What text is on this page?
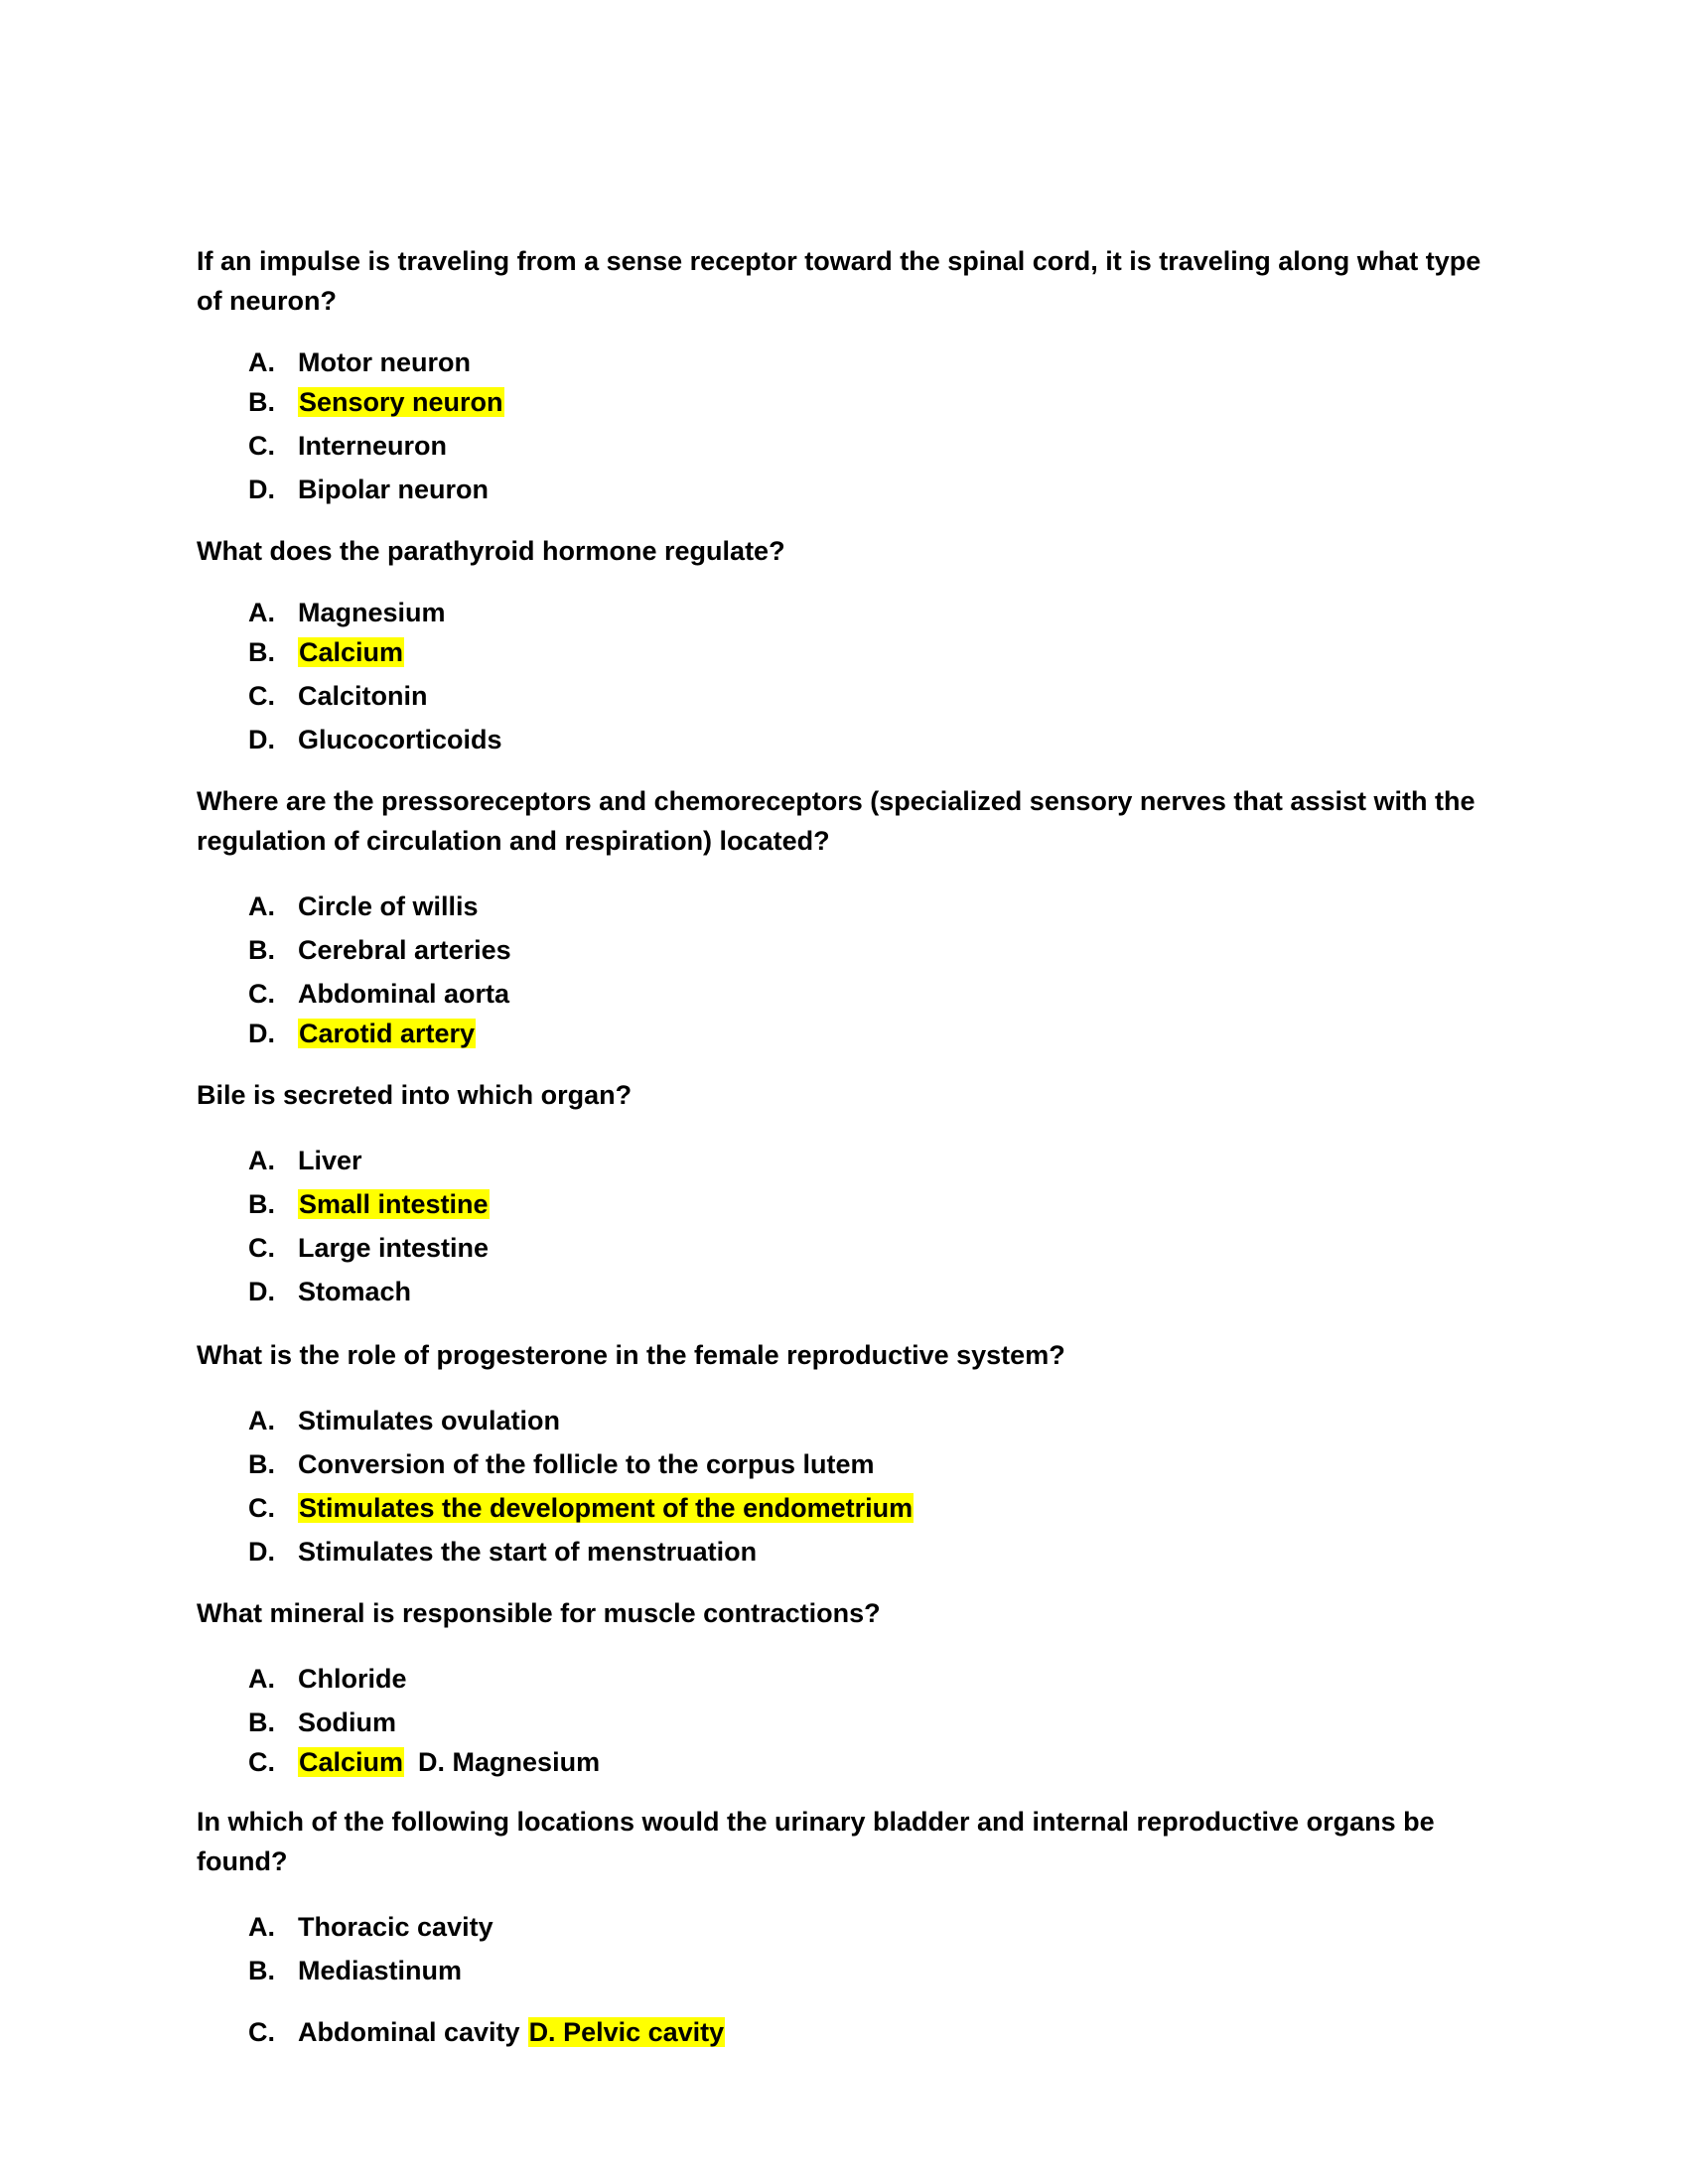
If an impulse is traveling from a sense receptor toward the spinal cord, it is traveling along what type
of neuron?
A. Motor neuron
B. Sensory neuron
C. Interneuron
D. Bipolar neuron
What does the parathyroid hormone regulate?
A. Magnesium
B. Calcium
C. Calcitonin
D. Glucocorticoids
Where are the pressoreceptors and chemoreceptors (specialized sensory nerves that assist with the
regulation of circulation and respiration) located?
A. Circle of willis
B. Cerebral arteries
C. Abdominal aorta
D. Carotid artery
Bile is secreted into which organ?
A. Liver
B. Small intestine
C. Large intestine
D. Stomach
What is the role of progesterone in the female reproductive system?
A. Stimulates ovulation
B. Conversion of the follicle to the corpus lutem
C. Stimulates the development of the endometrium
D. Stimulates the start of menstruation
What mineral is responsible for muscle contractions?
A. Chloride
B. Sodium
C. Calcium D. Magnesium
In which of the following locations would the urinary bladder and internal reproductive organs be
found?
A. Thoracic cavity
B. Mediastinum
C. Abdominal cavity D. Pelvic cavity
